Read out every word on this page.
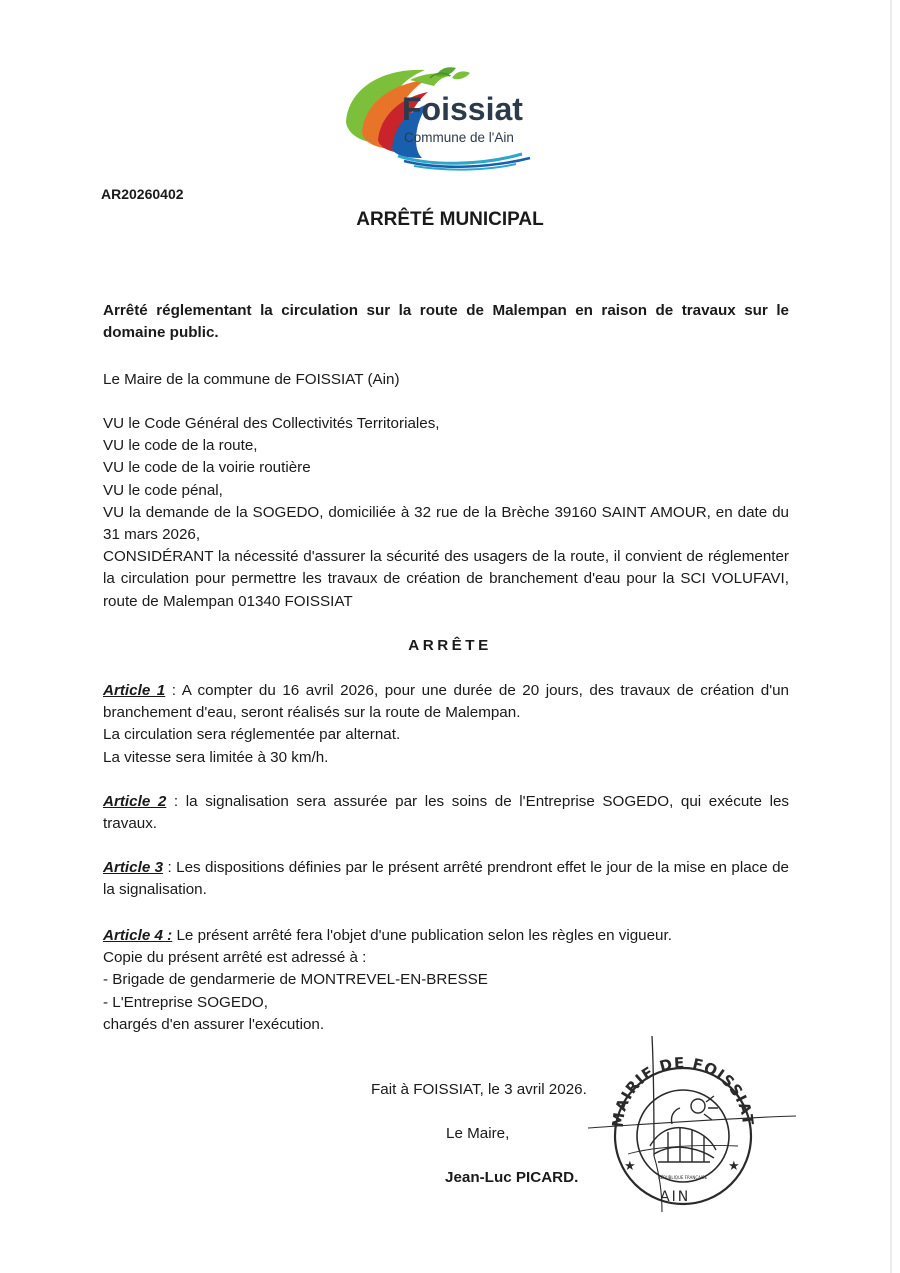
Foissiat
Commune de l'Ain
AR20260402
ARRÊTÉ MUNICIPAL
Arrêté réglementant la circulation sur la route de Malempan en raison de travaux sur le domaine public.
Le Maire de la commune de FOISSIAT (Ain)
VU le Code Général des Collectivités Territoriales,
VU le code de la route,
VU le code de la voirie routière
VU le code pénal,
VU la demande de la SOGEDO, domiciliée à 32 rue de la Brèche 39160 SAINT AMOUR, en date du 31 mars 2026,
CONSIDÉRANT la nécessité d'assurer la sécurité des usagers de la route, il convient de réglementer la circulation pour permettre les travaux de création de branchement d'eau pour la SCI VOLUFAVI, route de Malempan 01340 FOISSIAT
ARRÊTE
Article 1 : A compter du 16 avril 2026, pour une durée de 20 jours, des travaux de création d'un branchement d'eau, seront réalisés sur la route de Malempan.
La circulation sera réglementée par alternat.
La vitesse sera limitée à 30 km/h.
Article 2 : la signalisation sera assurée par les soins de l'Entreprise SOGEDO, qui exécute les travaux.
Article 3 : Les dispositions définies par le présent arrêté prendront effet le jour de la mise en place de la signalisation.
Article 4 : Le présent arrêté fera l'objet d'une publication selon les règles en vigueur.
Copie du présent arrêté est adressé à :
- Brigade de gendarmerie de MONTREVEL-EN-BRESSE
- L'Entreprise SOGEDO,
chargés d'en assurer l'exécution.
Fait à FOISSIAT, le 3 avril 2026.
Le Maire,
Jean-Luc PICARD.
MAIRIE DE FOISSIAT
AIN
RÉPUBLIQUE FRANÇAISE
★	★
